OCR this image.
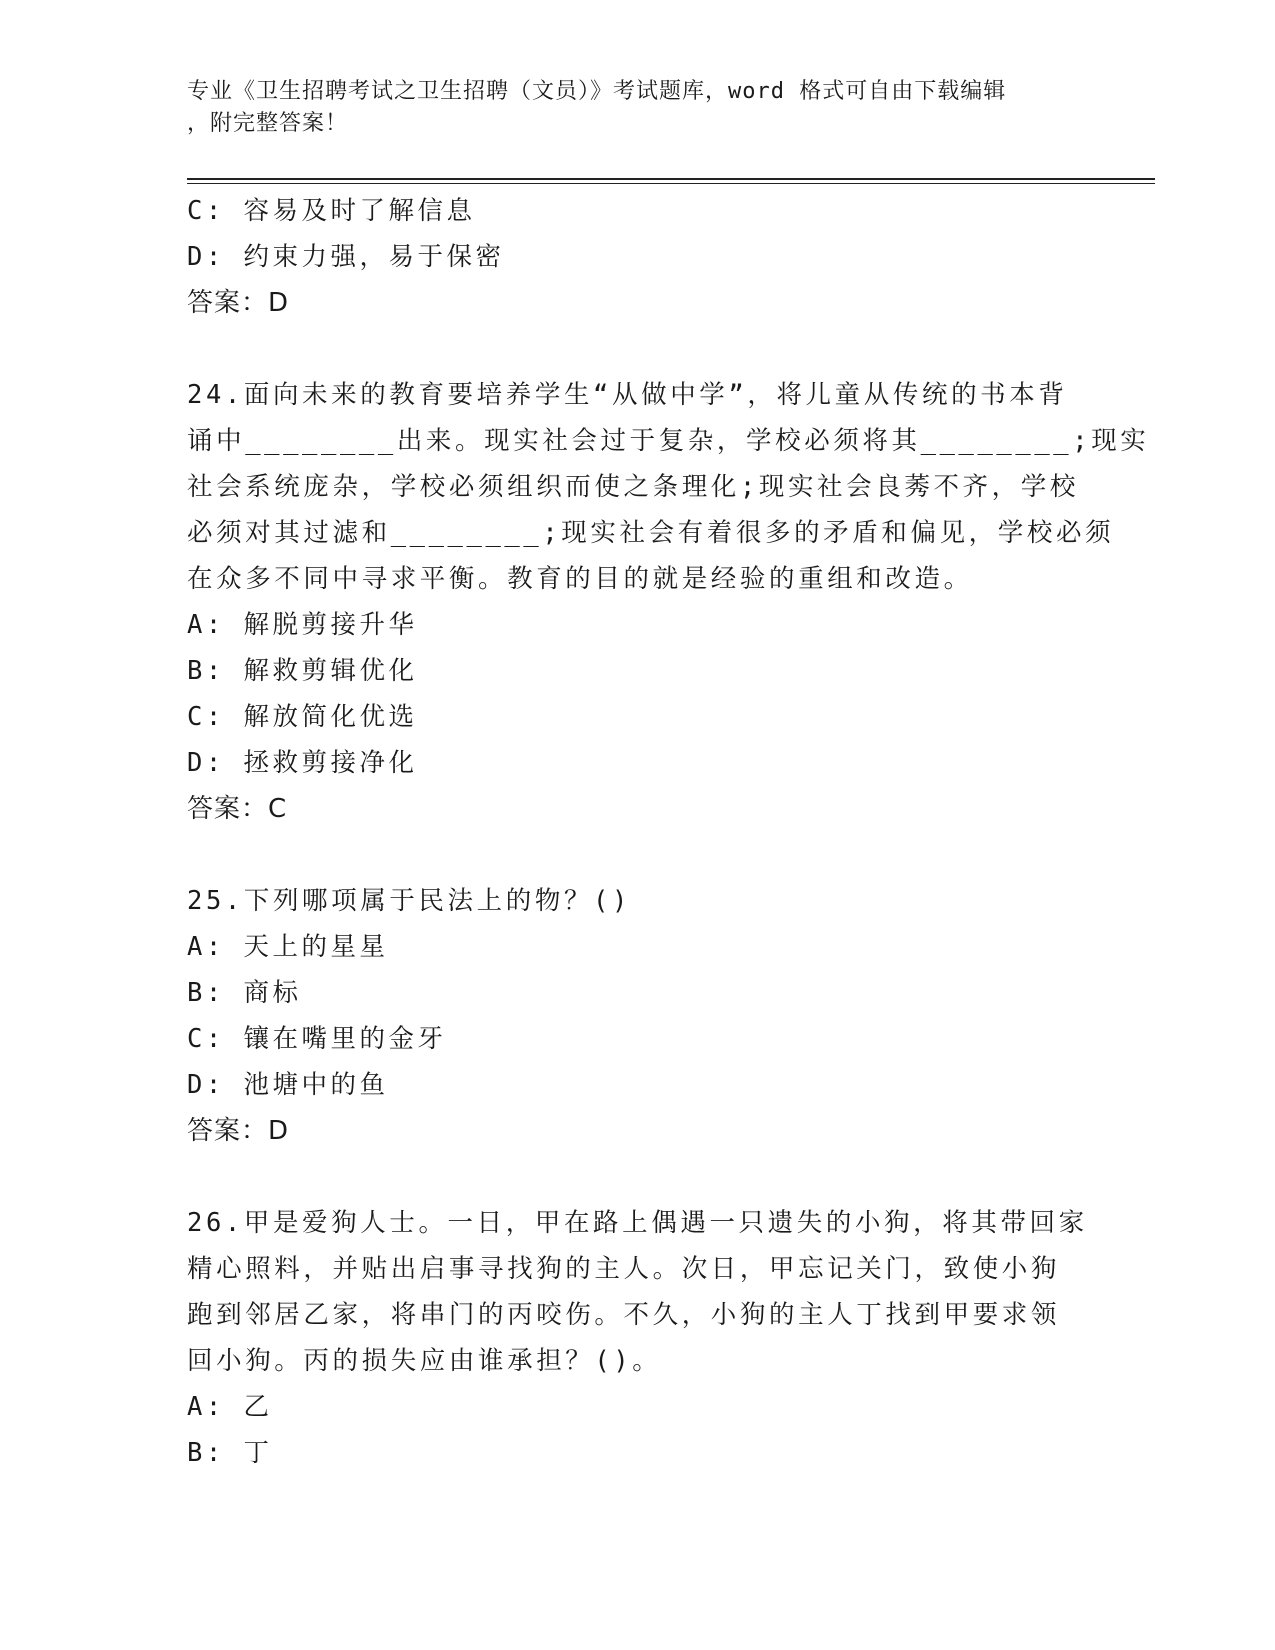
专业《卫生招聘考试之卫生招聘（文员）》考试题库，word 格式可自由下载编辑
，附完整答案！
C: 容易及时了解信息
D: 约束力强，易于保密
答案：D
24.面向未来的教育要培养学生“从做中学”，将儿童从传统的书本背
诵中________出来。现实社会过于复杂，学校必须将其________;现实
社会系统庞杂，学校必须组织而使之条理化;现实社会良莠不齐，学校
必须对其过滤和________;现实社会有着很多的矛盾和偏见，学校必须
在众多不同中寻求平衡。教育的目的就是经验的重组和改造。
A: 解脱剪接升华
B: 解救剪辑优化
C: 解放简化优选
D: 拯救剪接净化
答案：C
25.下列哪项属于民法上的物？()
A: 天上的星星
B: 商标
C: 镶在嘴里的金牙
D: 池塘中的鱼
答案：D
26.甲是爱狗人士。一日，甲在路上偶遇一只遗失的小狗，将其带回家
精心照料，并贴出启事寻找狗的主人。次日，甲忘记关门，致使小狗
跑到邻居乙家，将串门的丙咬伤。不久，小狗的主人丁找到甲要求领
回小狗。丙的损失应由谁承担？()。
A: 乙
B: 丁
